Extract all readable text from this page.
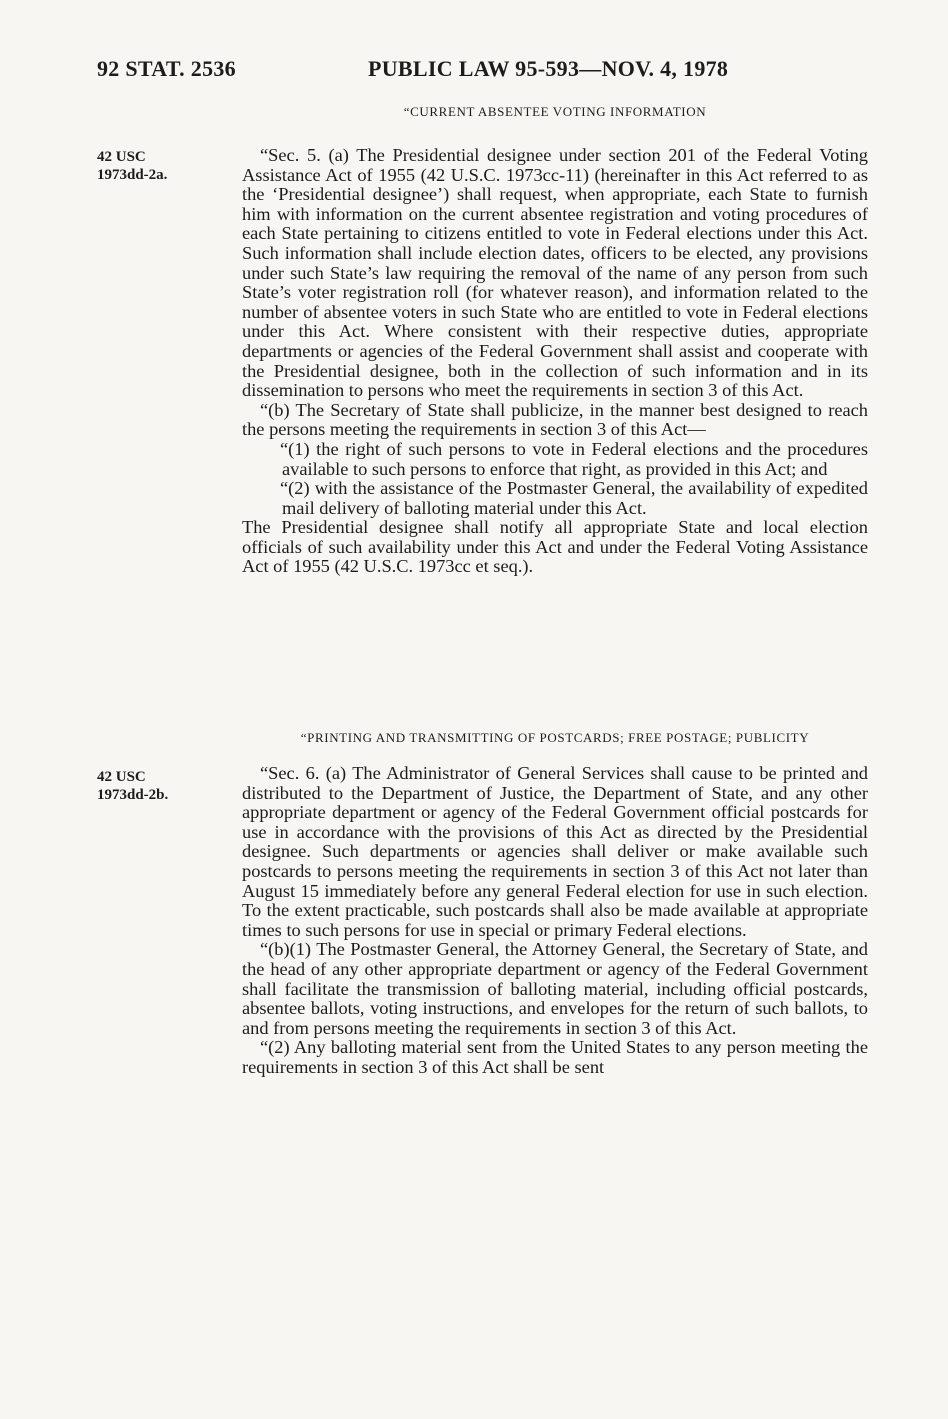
92 STAT. 2536	PUBLIC LAW 95-593—NOV. 4, 1978
“CURRENT ABSENTEE VOTING INFORMATION
42 USC
1973dd-2a.

“Sec. 5. (a) The Presidential designee under section 201 of the Federal Voting Assistance Act of 1955 (42 U.S.C. 1973cc-11) (hereinafter in this Act referred to as the ‘Presidential designee’) shall request, when appropriate, each State to furnish him with information on the current absentee registration and voting procedures of each State pertaining to citizens entitled to vote in Federal elections under this Act. Such information shall include election dates, officers to be elected, any provisions under such State’s law requiring the removal of the name of any person from such State’s voter registration roll (for whatever reason), and information related to the number of absentee voters in such State who are entitled to vote in Federal elections under this Act. Where consistent with their respective duties, appropriate departments or agencies of the Federal Government shall assist and cooperate with the Presidential designee, both in the collection of such information and in its dissemination to persons who meet the requirements in section 3 of this Act.

“(b) The Secretary of State shall publicize, in the manner best designed to reach the persons meeting the requirements in section 3 of this Act—

“(1) the right of such persons to vote in Federal elections and the procedures available to such persons to enforce that right, as provided in this Act; and

“(2) with the assistance of the Postmaster General, the availability of expedited mail delivery of balloting material under this Act.

The Presidential designee shall notify all appropriate State and local election officials of such availability under this Act and under the Federal Voting Assistance Act of 1955 (42 U.S.C. 1973cc et seq.).

“PRINTING AND TRANSMITTING OF POSTCARDS; FREE POSTAGE; PUBLICITY
42 USC
1973dd-2b.

“Sec. 6. (a) The Administrator of General Services shall cause to be printed and distributed to the Department of Justice, the Department of State, and any other appropriate department or agency of the Federal Government official postcards for use in accordance with the provisions of this Act as directed by the Presidential designee. Such departments or agencies shall deliver or make available such postcards to persons meeting the requirements in section 3 of this Act not later than August 15 immediately before any general Federal election for use in such election. To the extent practicable, such postcards shall also be made available at appropriate times to such persons for use in special or primary Federal elections.

“(b)(1) The Postmaster General, the Attorney General, the Secretary of State, and the head of any other appropriate department or agency of the Federal Government shall facilitate the transmission of balloting material, including official postcards, absentee ballots, voting instructions, and envelopes for the return of such ballots, to and from persons meeting the requirements in section 3 of this Act.

“(2) Any balloting material sent from the United States to any person meeting the requirements in section 3 of this Act shall be sent
